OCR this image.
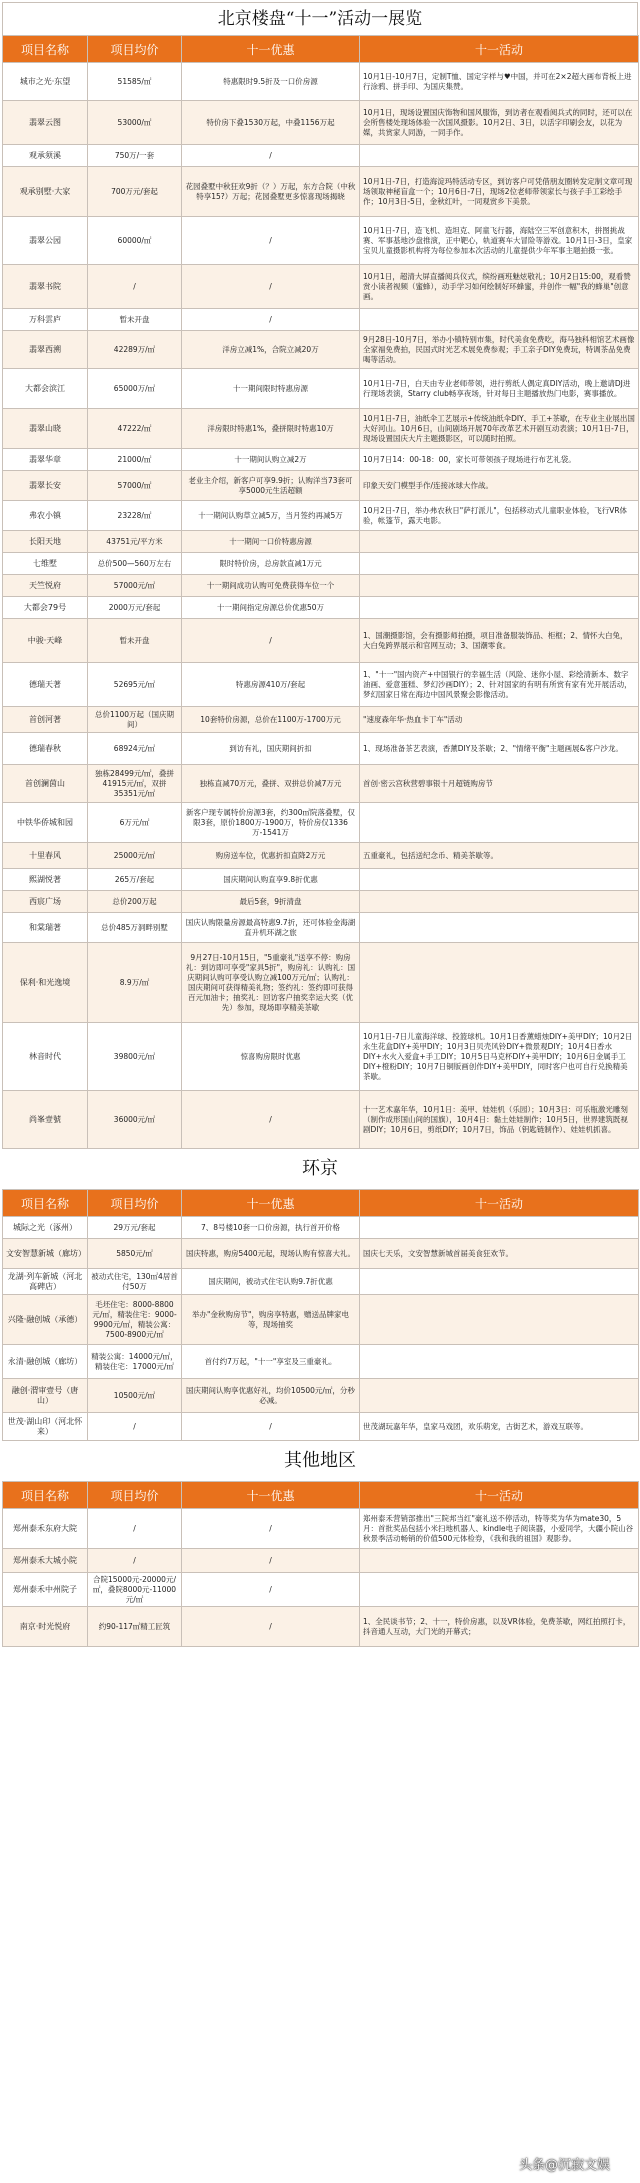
北京楼盘“十一”活动一展览
项目名称	项目均价	十一优惠	十一活动
城市之光·东望	51585/㎡	特惠限时9.5折及一口价房源	10月1日-10月7日，定制T恤、国定字样与♥中国，并可在2×2超大画布背板上进行涂鸦、拼手印、为国庆集赞。
翡翠云图	53000/㎡	特价房下叠1530万起，中叠1156万起	10月1日，现场设置国庆饰物和国风服饰，到访者在观看阅兵式的同时，还可以在会所售楼处现场体验一次国风摄影。10月2日、3日，以活字印刷会友，以花为媒，共赏家人同游，一同手作。
观承须溪	750万/一套	/	
观承别墅·大家	700万元/套起	花园叠墅中秋狂欢9折（？）万起，东方合院（中秋特享15?）万起；花园叠墅更多惊喜现场揭晓	10月1日-7日，打造海淀玛特活动专区，到访客户可凭借朋友圈转发定制文章可现场领取神秘盲盒一个；10月6日-7日，现场2位老师带领家长与孩子手工彩绘手作；10月3日-5日，金秋红叶，一同观赏乡下美景。
翡翠公园	60000/㎡	/	10月1日-7日，造飞机、造坦克、阿童飞行器，海陆空三军创意积木，拼图挑战赛、军事基地沙盘推演，正中靶心，轨道赛车大冒险等游戏。10月1日-3日，皇家宝贝儿童摄影机构将为每位参加本次活动的儿童提供少年军事主题拍摄一张。
翡翠书院	/	/	10月1日，超清大屏直播阅兵仪式，缤纷画班魅炫敬礼；10月2日15:00，观看赞赏小读者视频（蜜蜂），动手学习如何绘制好环蜂蜜，并创作一幅"我的蜂巢"创意画。
万科雲庐	暂未开盘	/	
翡翠西溯	42289万/㎡	洋房立减1%，合院立减20万	9月28日-10月7日，举办小镇特别市集，时代美食免费吃，海马独科相馆艺术画像全家福免费拍，民国式时光艺术展免费参观；手工亲子DIY免费玩，特调茶品免费喝等活动。
大都会滨江	65000万/㎡	十一期间限时特惠房源	10月1日-7日，白天由专业老师带领，进行剪纸人偶定真DIY活动，晚上邀请DJ进行现场表演，Starry club畅享夜场，针对每日主题播放热门电影，赛事播放。
翡翠山晓	47222/㎡	洋房限时特惠1%，叠拼限时特惠10万	10月1日-7日，油纸伞工艺展示+传统油纸伞DIY、手工+茶歇，在专业主业展出国大好河山。10月6日，山间剧场开展70年改革艺术开剧互动表演；10月1日-7日，现场设置国庆大片主题摄影区，可以随时拍照。
翡翠华章	21000/㎡	十一期间认购立减2万	10月7日14：00-18：00，家长可带领孩子现场进行布艺礼袋。
翡翠长安	57000/㎡	老业主介绍，新客户可享9.9折；认购洋当73套可享5000元生活超额	印象天安门模型手作/连接冰球大作战。
弗农小镇	23228/㎡	十一期间认购草立减5万，当月签约再减5万	10月2日-7日，举办弗农秋日"萨打派儿"，包括移动式儿童职业体验，飞行VR体验，帐篷节，露天电影。
长阳天地	43751元/平方米	十一期间一口价特惠房源	
七维墅	总价500—560万左右	限时特价房，总房款直减1万元	
天竺悦府	57000元/㎡	十一期间成功认购可免费获得车位一个	
大都会79号	2000万元/套起	十一期间指定房源总价优惠50万	
中骏·天峰	暂未开盘	/	1、国潮摄影馆，会有摄影师拍摄，项目准备服装饰品、柜框；2、情怀大白兔，大白兔跨界展示和官网互动；3、国潮零食。
德瑞天著	52695元/㎡	特惠房源410万/套起	1、"十一"国内资产+中国银行的幸福生活（风险、迷你小屋、彩绘清新本、数字油画、爱意蛋糕、梦幻沙画DIY）；2、针对国家的有明有所赏有家有光开展活动，梦幻国家日常在海边中国风景聚会影像活动。
首创河著	总价1100万起（国庆期间）	10套特价房源，总价在1100万-1700万元	"速度森年华·热血卡丁车"活动
德瑞春秋	68924元/㎡	到访有礼，国庆期间折扣	1、现场准备茶艺表演，香薰DIY及茶歇；2、"情绪平衡"主题画展&客户沙龙。
首创澜茵山	独栋28499元/㎡，叠拼41915元/㎡，双拼35351元/㎡	独栋直减70万元，叠拼、双拼总价减7万元	首创·密云宫秋营碧事银十月超链购房节
中铁华侨城和园	6万元/㎡	新客户现专属特价房源3套，约300㎡院落叠墅，仅限3套，原价1800万-1900万，特价房仅1336万-1541万	
十里春风	25000元/㎡	购房送车位，优惠折扣直降2万元	五重豪礼，包括送纪念币、精美茶歇等。
熙湖悦著	265万/套起	国庆期间认购直享9.8折优惠	
西宸广场	总价200万起	最后5套，9折清盘	
和棠瑞著	总价485万洞畔别墅	国庆认购限量房源最高特惠9.7折，还可体验金海湖直升机环湖之旅	
保利·和光逸境	8.9万/㎡	9月27日-10月15日，"5重豪礼"送享不停：购房礼：到访即可享受"家具5折"，购房礼：认购礼：国庆期间认购可享受认购立减100万元/㎡；认购礼：国庆期间可获得精美礼物；签约礼：签约即可获得百元加油卡；抽奖礼：回访客户抽奖幸运大奖（优先）参加，现场即享精美茶歇	
林音时代	39800元/㎡	惊喜购房限时优惠	10月1日-7日儿童海洋球、投篮球机。10月1日香薰蜡烛DIY+美甲DIY；10月2日永生花盒DIY+美甲DIY；10月3日贝壳风铃DIY+微景观DIY；10月4日香水DIY+水火入爱盒+手工DIY；10月5日马克杯DIY+美甲DIY；10月6日金属手工DIY+橙粉DIY；10月7日铜版画创作DIY+美甲DIY，同时客户也可自行兑换精美茶歇。
尚峯壹號	36000元/㎡	/	十一艺术嘉年华，10月1日：美甲、娃娃机（乐园）；10月3日：可乐瓶激光雕刻（制作成形国山间的国旗），10月4日：黏土娃娃制作；10月5日，世界建筑既视剧DIY；10月6日，剪纸DIY；10月7日，饰品（钥匙链制作）、娃娃机抓喜。
环京
项目名称	项目均价	十一优惠	十一活动
城际之光（涿州）	29万元/套起	7、8号楼10套一口价房源，执行首开价格	
文安智慧新城（廊坊）	5850元/㎡	国庆特惠，购房5400元起，现场认购有惊喜大礼。	国庆七天乐，文安智慧新城首届美食狂欢节。
龙湖·列车新城（河北高碑店）	被动式住宅，130㎡4居首付50万	国庆期间，被动式住宅认购9.7折优惠	
兴隆·融创城（承德）	毛坯住宅：8000-8800元/㎡，精装住宅：9000-9900元/㎡，精装公寓：7500-8900元/㎡	举办"金秋购房节"，购房享特惠，赠送品牌家电等，现场抽奖	
永清·融创城（廊坊）	精装公寓：14000元/㎡，精装住宅：17000元/㎡	首付约7万起，"十一"享室及三重豪礼。	
融创·渭审壹号（唐山）	10500元/㎡	国庆期间认购享优惠好礼，均价10500元/㎡，分秒必减。	
世茂·湖山印（河北怀来）	/	/	世茂湖玩嘉年华，皇家马戏团，欢乐萌宠，古街艺术，游戏互联等。
其他地区
项目名称	项目均价	十一优惠	十一活动
郑州泰禾东府大院	/	/	郑州泰禾营销部推出"三院邦当红"豪礼送不停活动，特等奖为华为mate30，5月：首批奖品包括小米扫地机器人、kindle电子阅读器，小爱同学，大疆小院山谷秋景季活动畅销的价值500元体检券，《我和我的祖国》观影券。
郑州泰禾大城小院	/	/	
郑州泰禾中州院子	合院15000元-20000元/㎡，叠院8000元-11000元/㎡	/	
南京·时光悦府	约90-117㎡精工匠筑	/	1、全民谈书节；2、十一，特价房惠，以及VR体验，免费茶歇，网红拍照打卡，抖音通人互动，大门光的开幕式；
头条@沉寂文娱
